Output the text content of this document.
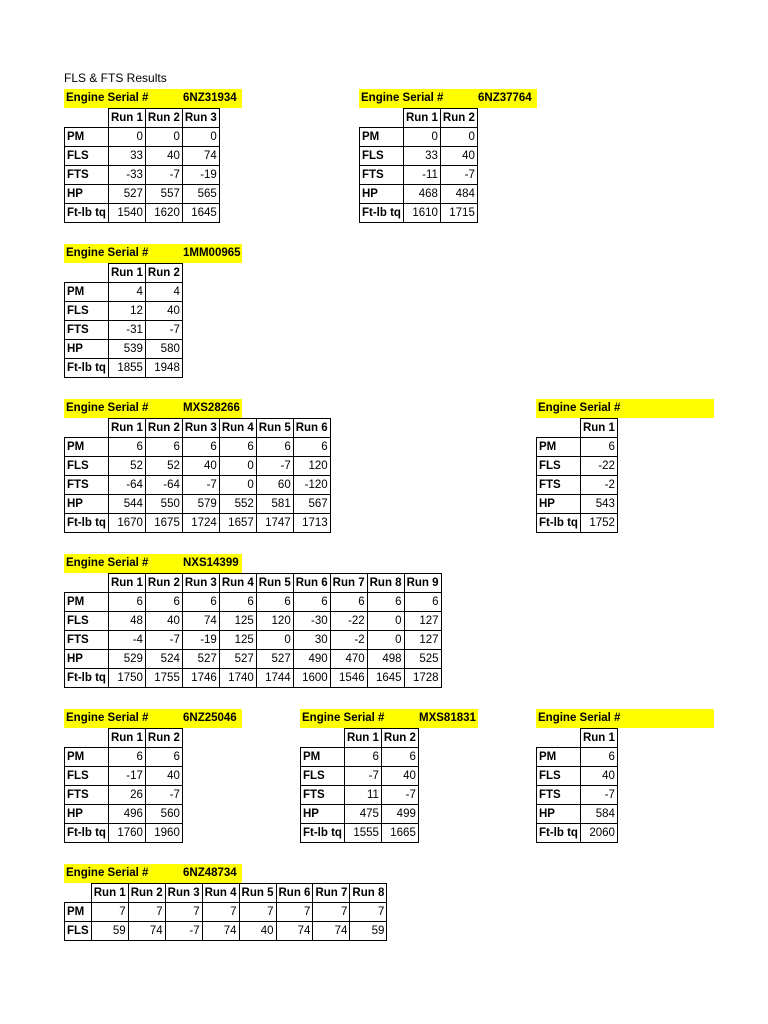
FLS & FTS Results
Engine Serial #	6NZ31934
	Run 1	Run 2	Run 3
PM	0	0	0
FLS	33	40	74
FTS	-33	-7	-19
HP	527	557	565
Ft-lb tq	1540	1620	1645
Engine Serial #	6NZ37764
	Run 1	Run 2
PM	0	0
FLS	33	40
FTS	-11	-7
HP	468	484
Ft-lb tq	1610	1715
Engine Serial #	1MM00965
	Run 1	Run 2
PM	4	4
FLS	12	40
FTS	-31	-7
HP	539	580
Ft-lb tq	1855	1948
Engine Serial #	MXS28266
	Run 1	Run 2	Run 3	Run 4	Run 5	Run 6
PM	6	6	6	6	6	6
FLS	52	52	40	0	-7	120
FTS	-64	-64	-7	0	60	-120
HP	544	550	579	552	581	567
Ft-lb tq	1670	1675	1724	1657	1747	1713
Engine Serial #
	Run 1
PM	6
FLS	-22
FTS	-2
HP	543
Ft-lb tq	1752
Engine Serial #	NXS14399
	Run 1	Run 2	Run 3	Run 4	Run 5	Run 6	Run 7	Run 8	Run 9
PM	6	6	6	6	6	6	6	6	6
FLS	48	40	74	125	120	-30	-22	0	127
FTS	-4	-7	-19	125	0	30	-2	0	127
HP	529	524	527	527	527	490	470	498	525
Ft-lb tq	1750	1755	1746	1740	1744	1600	1546	1645	1728
Engine Serial #	6NZ25046
	Run 1	Run 2
PM	6	6
FLS	-17	40
FTS	26	-7
HP	496	560
Ft-lb tq	1760	1960
Engine Serial #	MXS81831
	Run 1	Run 2
PM	6	6
FLS	-7	40
FTS	11	-7
HP	475	499
Ft-lb tq	1555	1665
Engine Serial #
	Run 1
PM	6
FLS	40
FTS	-7
HP	584
Ft-lb tq	2060
Engine Serial #	6NZ48734
	Run 1	Run 2	Run 3	Run 4	Run 5	Run 6	Run 7	Run 8
PM	7	7	7	7	7	7	7	7
FLS	59	74	-7	74	40	74	74	59
